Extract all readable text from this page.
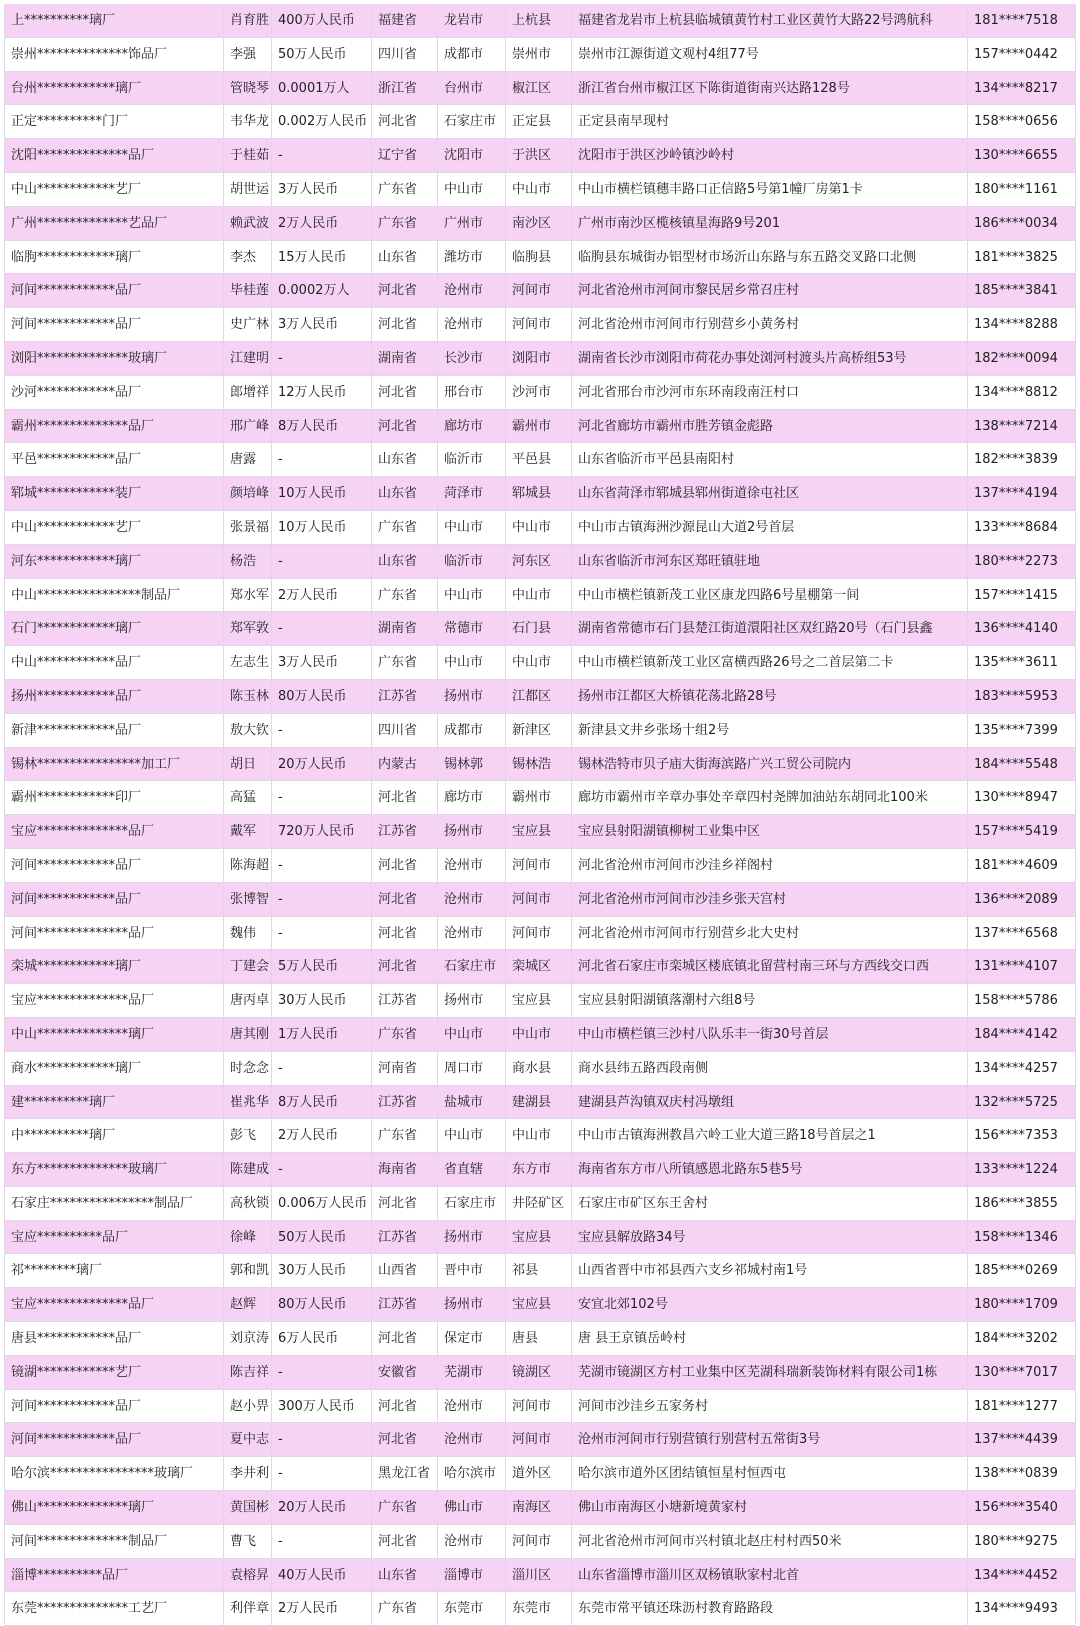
上**********璃厂	肖育胜 400万人民币	福建省	龙岩市	上杭县	福建省龙岩市上杭县临城镇黄竹村工业区黄竹大路22号鸿航科	181****7518
崇州**************饰品厂	李强	50万人民币	四川省	成都市	崇州市	崇州市江源街道文观村4组77号	157****0442
台州************璃厂	管晓琴 0.0001万人	浙江省	台州市	椒江区	浙江省台州市椒江区下陈街道街南兴达路128号	134****8217
正定**********门厂	韦华龙 0.002万人民币 河北省	石家庄市	正定县	正定县南早现村	158****0656
沈阳**************品厂	于桂茹 -	辽宁省	沈阳市	于洪区	沈阳市于洪区沙岭镇沙岭村	130****6655
中山************艺厂	胡世运 3万人民币	广东省	中山市	中山市	中山市横栏镇穗丰路口正信路5号第1幢厂房第1卡	180****1161
广州**************艺品厂	赖武波 2万人民币	广东省	广州市	南沙区	广州市南沙区榄核镇星海路9号201	186****0034
临朐************璃厂	李杰	15万人民币	山东省	潍坊市	临朐县	临朐县东城街办铝型材市场沂山东路与东五路交叉路口北侧	181****3825
河间************品厂	毕桂莲 0.0002万人	河北省	沧州市	河间市	河北省沧州市河间市黎民居乡常召庄村	185****3841
河间************品厂	史广林 3万人民币	河北省	沧州市	河间市	河北省沧州市河间市行别营乡小黄务村	134****8288
浏阳**************玻璃厂	江建明 -	湖南省	长沙市	浏阳市	湖南省长沙市浏阳市荷花办事处浏河村渡头片高桥组53号	182****0094
沙河************品厂	郎增祥 12万人民币	河北省	邢台市	沙河市	河北省邢台市沙河市东环南段南汪村口	134****8812
霸州**************品厂	邢广峰 8万人民币	河北省	廊坊市	霸州市	河北省廊坊市霸州市胜芳镇金彪路	138****7214
平邑************品厂	唐露	-	山东省	临沂市	平邑县	山东省临沂市平邑县南阳村	182****3839
郓城************装厂	颜培峰 10万人民币	山东省	菏泽市	郓城县	山东省菏泽市郓城县郓州街道徐屯社区	137****4194
中山************艺厂	张景福 10万人民币	广东省	中山市	中山市	中山市古镇海洲沙源昆山大道2号首层	133****8684
河东************璃厂	杨浩	-	山东省	临沂市	河东区	山东省临沂市河东区郑旺镇驻地	180****2273
中山****************制品厂	郑水军 2万人民币	广东省	中山市	中山市	中山市横栏镇新茂工业区康龙四路6号星棚第一间	157****1415
石门************璃厂	郑军敦 -	湖南省	常德市	石门县	湖南省常德市石门县楚江街道澴阳社区双红路20号（石门县鑫	136****4140
中山************品厂	左志生 3万人民币	广东省	中山市	中山市	中山市横栏镇新茂工业区富横西路26号之二首层第二卡	135****3611
扬州************品厂	陈玉林 80万人民币	江苏省	扬州市	江都区	扬州市江都区大桥镇花荡北路28号	183****5953
新津************品厂	敖大钦 -	四川省	成都市	新津区	新津县文井乡张场十组2号	135****7399
锡林****************加工厂	胡日	20万人民币	内蒙古	锡林郭	锡林浩	锡林浩特市贝子庙大街海滨路广兴工贸公司院内	184****5548
霸州************印厂	高猛	-	河北省	廊坊市	霸州市	廊坊市霸州市辛章办事处辛章四村尧牌加油站东胡同北100米	130****8947
宝应**************品厂	戴军	720万人民币	江苏省	扬州市	宝应县	宝应县射阳湖镇柳树工业集中区	157****5419
河间************品厂	陈海超 -	河北省	沧州市	河间市	河北省沧州市河间市沙洼乡祥阁村	181****4609
河间************品厂	张博智 -	河北省	沧州市	河间市	河北省沧州市河间市沙洼乡张天宫村	136****2089
河间**************品厂	魏伟	-	河北省	沧州市	河间市	河北省沧州市河间市行别营乡北大史村	137****6568
栾城************璃厂	丁建会 5万人民币	河北省	石家庄市	栾城区	河北省石家庄市栾城区楼底镇北留营村南三环与方西线交口西	131****4107
宝应**************品厂	唐丙卓 30万人民币	江苏省	扬州市	宝应县	宝应县射阳湖镇落潮村六组8号	158****5786
中山**************璃厂	唐其刚 1万人民币	广东省	中山市	中山市	中山市横栏镇三沙村八队乐丰一街30号首层	184****4142
商水************璃厂	时念念 -	河南省	周口市	商水县	商水县纬五路西段南侧	134****4257
建**********璃厂	崔兆华 8万人民币	江苏省	盐城市	建湖县	建湖县芦沟镇双庆村冯墩组	132****5725
中**********璃厂	彭飞	2万人民币	广东省	中山市	中山市	中山市古镇海洲教昌六岭工业大道三路18号首层之1	156****7353
东方**************玻璃厂	陈建成 -	海南省	省直辖	东方市	海南省东方市八所镇感恩北路东5巷5号	133****1224
石家庄****************制品厂	高秋锁 0.006万人民币 河北省	石家庄市	井陉矿区	石家庄市矿区东王舍村	186****3855
宝应**********品厂	徐峰	50万人民币	江苏省	扬州市	宝应县	宝应县解放路34号	158****1346
祁********璃厂	郭和凯 30万人民币	山西省	晋中市	祁县	山西省晋中市祁县西六支乡祁城村南1号	185****0269
宝应**************品厂	赵辉	80万人民币	江苏省	扬州市	宝应县	安宜北郊102号	180****1709
唐县************品厂	刘京涛 6万人民币	河北省	保定市	唐县	唐 县王京镇岳岭村	184****3202
镜湖************艺厂	陈吉祥 -	安徽省	芜湖市	镜湖区	芜湖市镜湖区方村工业集中区芜湖科瑞新装饰材料有限公司1栋	130****7017
河间************品厂	赵小畀 300万人民币	河北省	沧州市	河间市	河间市沙洼乡五家务村	181****1277
河间************品厂	夏中志 -	河北省	沧州市	河间市	沧州市河间市行别营镇行别营村五常街3号	137****4439
哈尔滨****************玻璃厂	李井利 -	黑龙江省	哈尔滨市	道外区	哈尔滨市道外区团结镇恒星村恒西屯	138****0839
佛山**************璃厂	黄国彬 20万人民币	广东省	佛山市	南海区	佛山市南海区小塘新境黄家村	156****3540
河间**************制品厂	曹飞	-	河北省	沧州市	河间市	河北省沧州市河间市兴村镇北赵庄村村西50米	180****9275
淄博**********品厂	袁榕昇 40万人民币	山东省	淄博市	淄川区	山东省淄博市淄川区双杨镇耿家村北首	134****4452
东莞**************工艺厂	利伴章 2万人民币	广东省	东莞市	东莞市	东莞市常平镇还珠沥村教育路路段	134****9493
